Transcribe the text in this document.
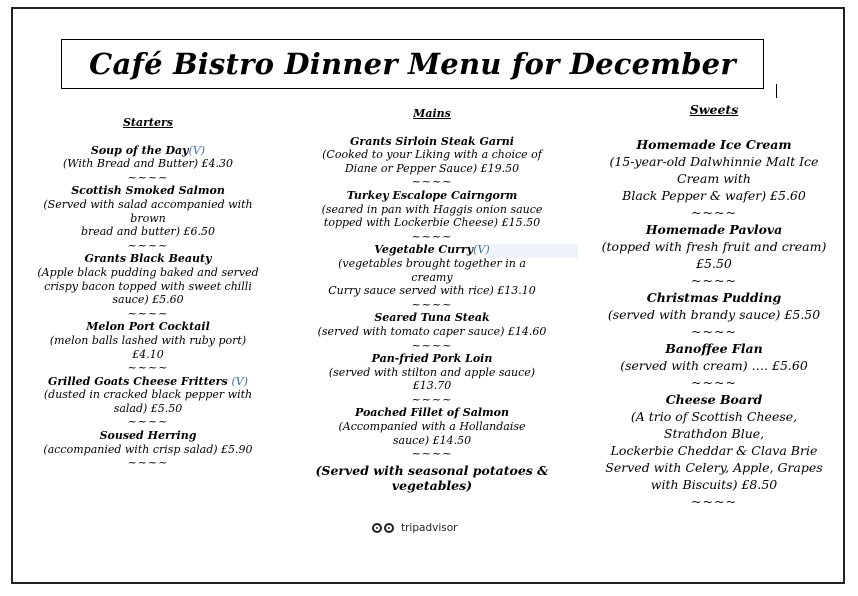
Café Bistro Dinner Menu for December
Starters
Soup of the Day(V)
(With Bread and Butter) £4.30
~~~~
Scottish Smoked Salmon
(Served with salad accompanied with
brown
bread and butter) £6.50
~~~~
Grants Black Beauty
(Apple black pudding baked and served
crispy bacon topped with sweet chilli
sauce) £5.60
~~~~
Melon Port Cocktail
(melon balls lashed with ruby port)
£4.10
~~~~
Grilled Goats Cheese Fritters (V)
(dusted in cracked black pepper with
salad) £5.50
~~~~
Soused Herring
(accompanied with crisp salad) £5.90
~~~~
Mains
Grants Sirloin Steak Garni
(Cooked to your Liking with a choice of
Diane or Pepper Sauce) £19.50
~~~~
Turkey Escalope Cairngorm
(seared in pan with Haggis onion sauce
topped with Lockerbie Cheese) £15.50
~~~~
Vegetable Curry(V)
(vegetables brought together in a
creamy
Curry sauce served with rice) £13.10
~~~~
Seared Tuna Steak
(served with tomato caper sauce) £14.60
~~~~
Pan-fried Pork Loin
(served with stilton and apple sauce)
£13.70
~~~~
Poached Fillet of Salmon
(Accompanied with a Hollandaise
sauce) £14.50
~~~~
(Served with seasonal potatoes &
vegetables)
Sweets
Homemade Ice Cream
(15-year-old Dalwhinnie Malt Ice
Cream with
Black Pepper & wafer) £5.60
~~~~
Homemade Pavlova
(topped with fresh fruit and cream)
£5.50
~~~~
Christmas Pudding
(served with brandy sauce) £5.50
~~~~
Banoffee Flan
(served with cream) …. £5.60
~~~~
Cheese Board
(A trio of Scottish Cheese,
Strathdon Blue,
Lockerbie Cheddar & Clava Brie
Served with Celery, Apple, Grapes
with Biscuits) £8.50
~~~~
tripadvisor
